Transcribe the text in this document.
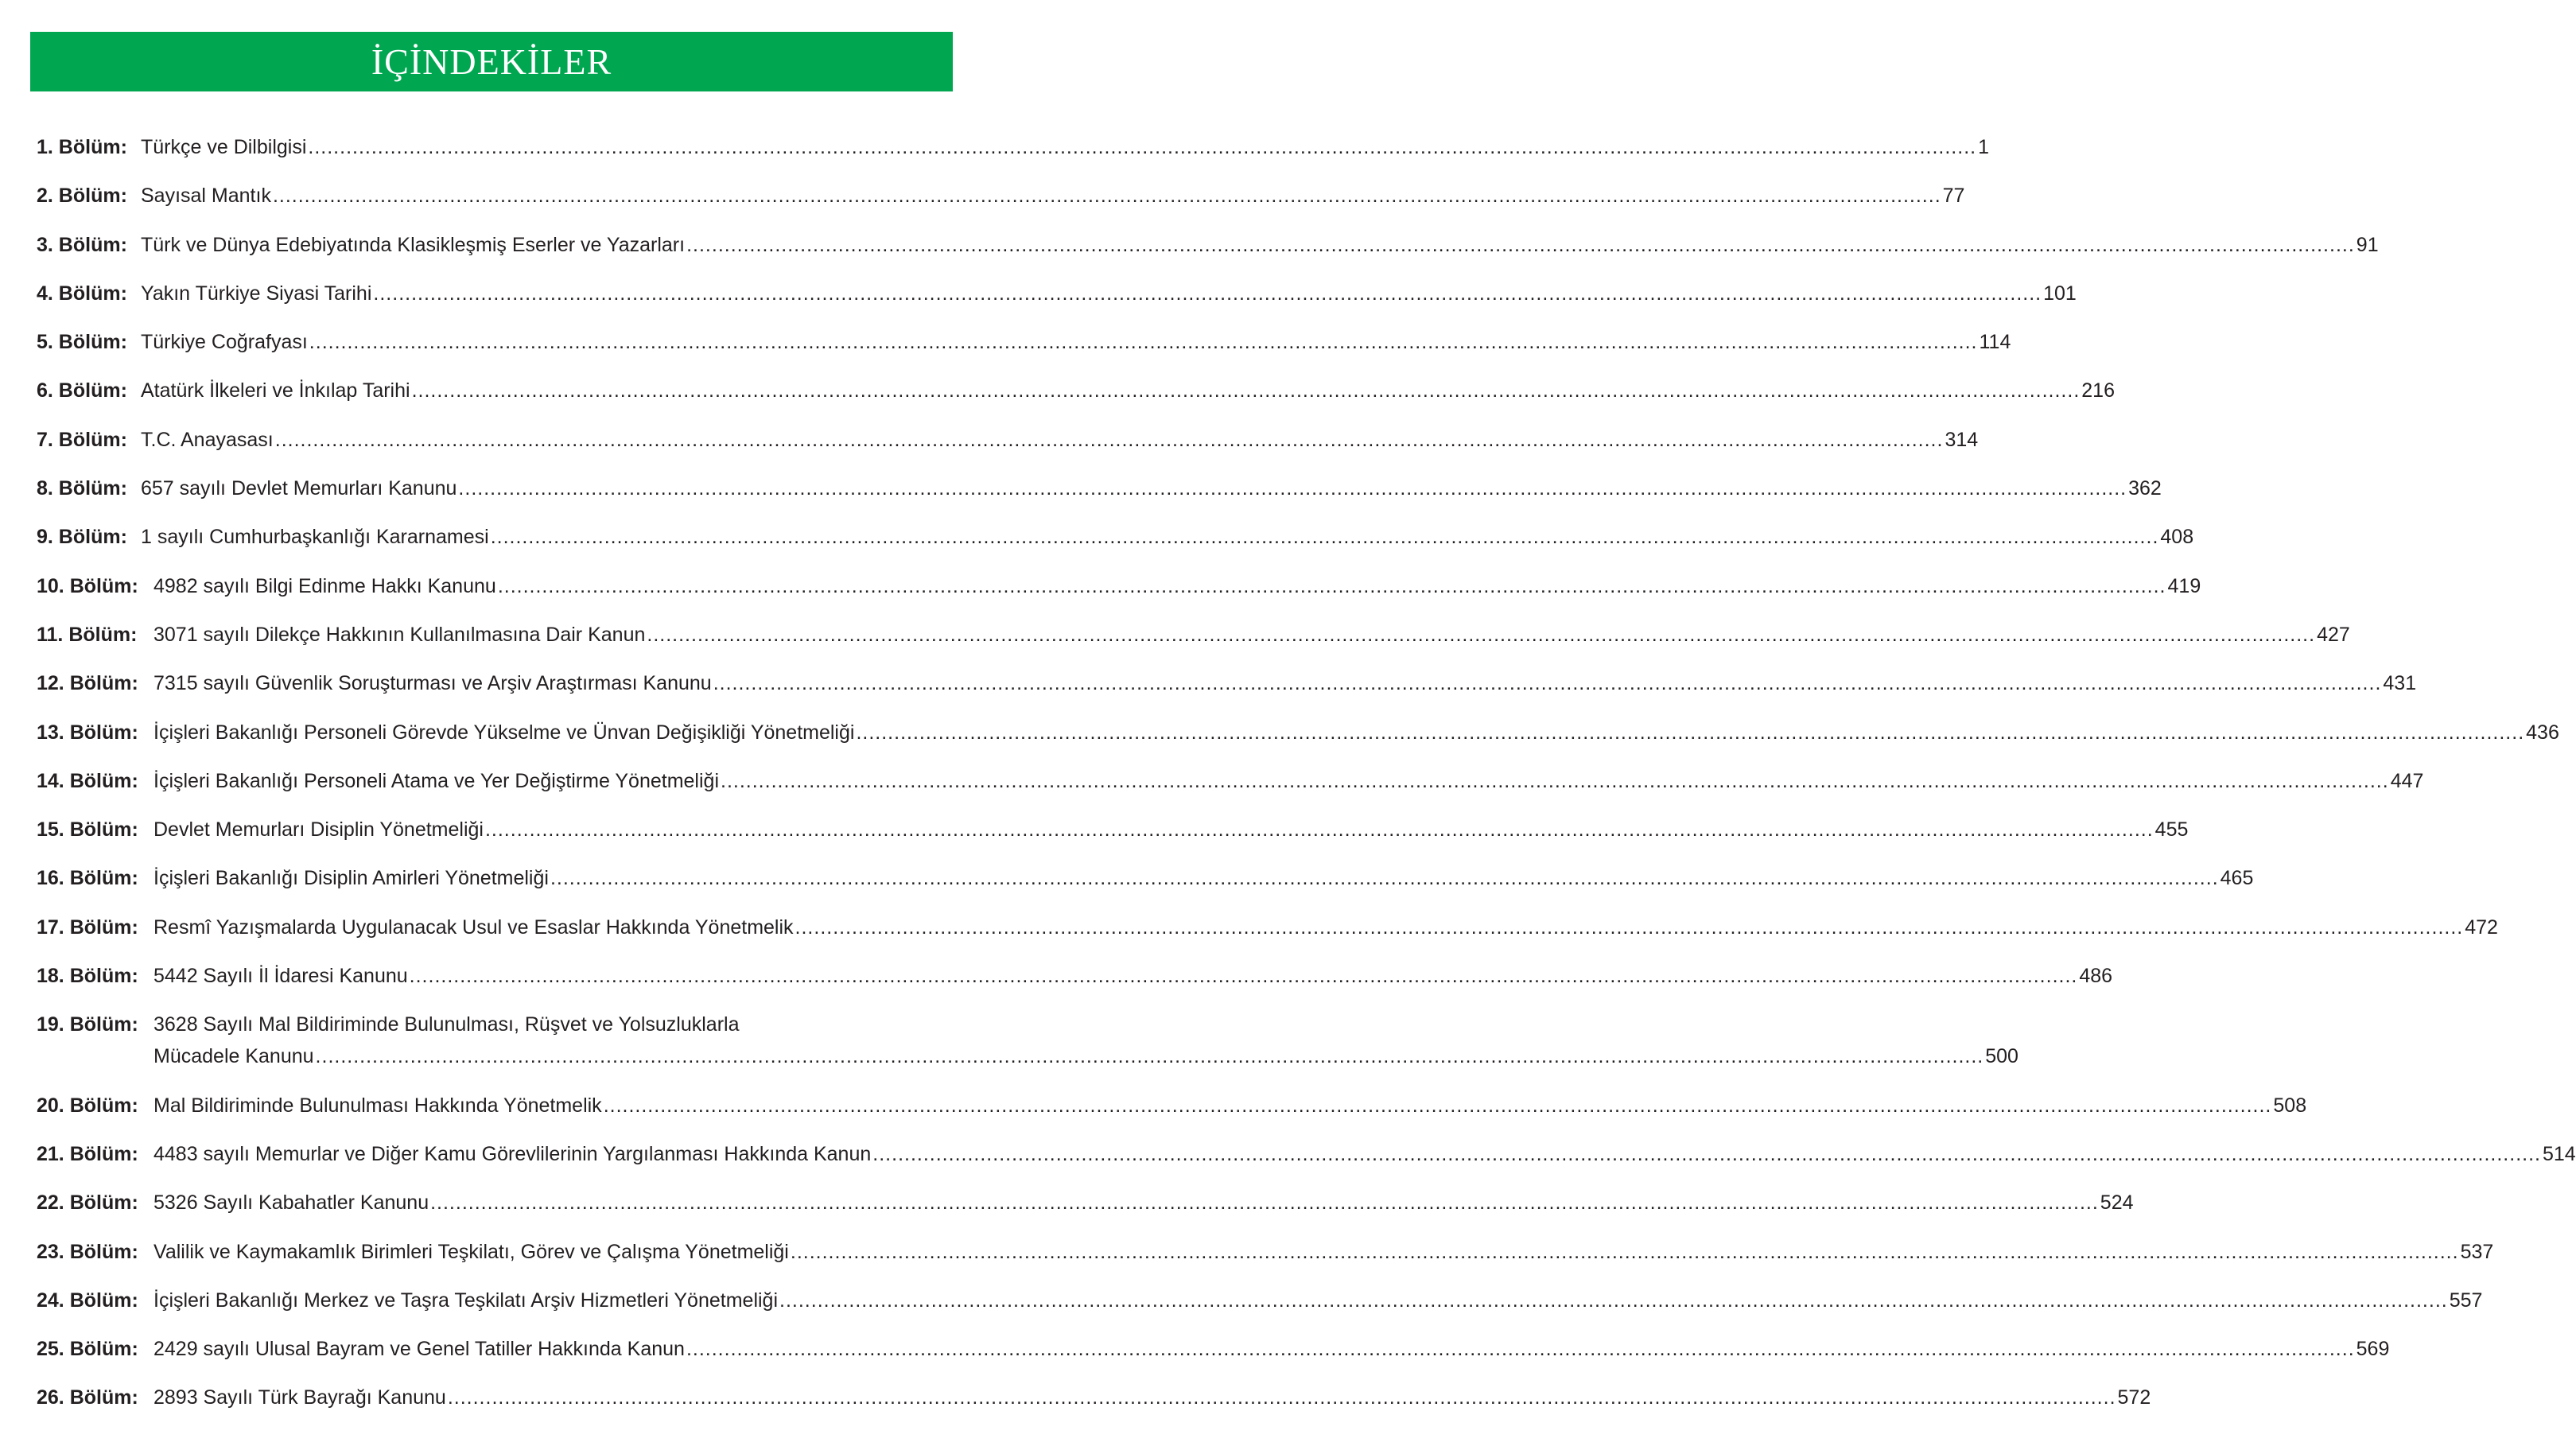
İÇİNDEKİLER
1. Bölüm: Türkçe ve Dilbilgisi .....	1
2. Bölüm: Sayısal Mantık .....	77
3. Bölüm: Türk ve Dünya Edebiyatında Klasikleşmiş Eserler ve Yazarları .....	91
4. Bölüm: Yakın Türkiye Siyasi Tarihi .....	101
5. Bölüm: Türkiye Coğrafyası .....	114
6. Bölüm: Atatürk İlkeleri ve İnkılap Tarihi .....	216
7. Bölüm: T.C. Anayasası .....	314
8. Bölüm: 657 sayılı Devlet Memurları Kanunu .....	362
9. Bölüm: 1 sayılı Cumhurbaşkanlığı Kararnamesi .....	408
10. Bölüm: 4982 sayılı Bilgi Edinme Hakkı Kanunu .....	419
11. Bölüm: 3071 sayılı Dilekçe Hakkının Kullanılmasına Dair Kanun .....	427
12. Bölüm: 7315 sayılı Güvenlik Soruşturması ve Arşiv Araştırması Kanunu .....	431
13. Bölüm: İçişleri Bakanlığı Personeli Görevde Yükselme ve Ünvan Değişikliği Yönetmeliği .....	436
14. Bölüm: İçişleri Bakanlığı Personeli Atama ve Yer Değiştirme Yönetmeliği .....	447
15. Bölüm: Devlet Memurları Disiplin Yönetmeliği .....	455
16. Bölüm: İçişleri Bakanlığı Disiplin Amirleri Yönetmeliği .....	465
17. Bölüm: Resmî Yazışmalarda Uygulanacak Usul ve Esaslar Hakkında Yönetmelik .....	472
18. Bölüm: 5442 Sayılı İl İdaresi Kanunu .....	486
19. Bölüm: 3628 Sayılı Mal Bildiriminde Bulunulması, Rüşvet ve Yolsuzluklarla
Mücadele Kanunu .....	500
20. Bölüm: Mal Bildiriminde Bulunulması Hakkında Yönetmelik .....	508
21. Bölüm: 4483 sayılı Memurlar ve Diğer Kamu Görevlilerinin Yargılanması Hakkında Kanun .....	514
22. Bölüm: 5326 Sayılı Kabahatler Kanunu .....	524
23. Bölüm: Valilik ve Kaymakamlık Birimleri Teşkilatı, Görev ve Çalışma Yönetmeliği .....	537
24. Bölüm: İçişleri Bakanlığı Merkez ve Taşra Teşkilatı Arşiv Hizmetleri Yönetmeliği .....	557
25. Bölüm: 2429 sayılı Ulusal Bayram ve Genel Tatiller Hakkında Kanun .....	569
26. Bölüm: 2893 Sayılı Türk Bayrağı Kanunu .....	572
